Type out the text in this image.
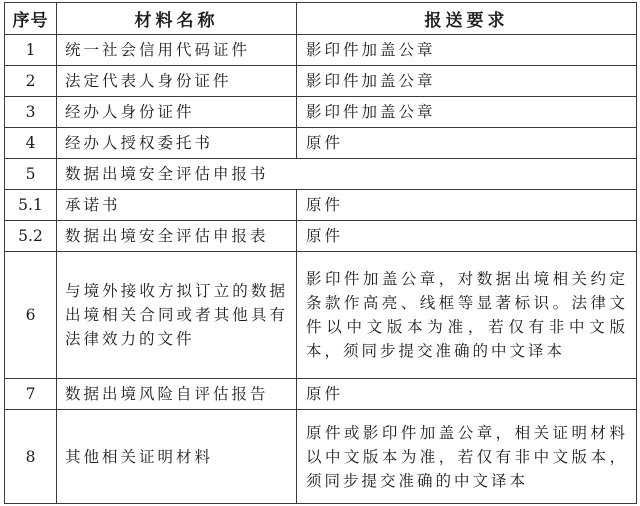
序号	材料名称	报送要求
1	统一社会信用代码证件	影印件加盖公章
2	法定代表人身份证件	影印件加盖公章
3	经办人身份证件	影印件加盖公章
4	经办人授权委托书	原件
5	数据出境安全评估申报书	
5.1	承诺书	原件
5.2	数据出境安全评估申报表	原件
6	与境外接收方拟订立的数据出境相关合同或者其他具有法律效力的文件	影印件加盖公章，对数据出境相关约定条款作高亮、线框等显著标识。法律文件以中文版本为准，若仅有非中文版本，须同步提交准确的中文译本
7	数据出境风险自评估报告	原件
8	其他相关证明材料	原件或影印件加盖公章，相关证明材料以中文版本为准，若仅有非中文版本，须同步提交准确的中文译本
